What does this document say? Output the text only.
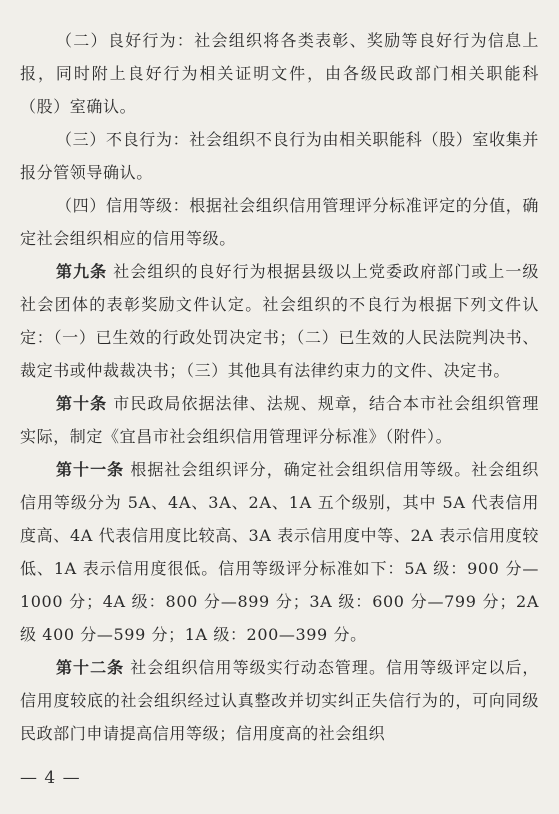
（二）良好行为：社会组织将各类表彰、奖励等良好行为信息上报，同时附上良好行为相关证明文件，由各级民政部门相关职能科（股）室确认。

（三）不良行为：社会组织不良行为由相关职能科（股）室收集并报分管领导确认。

（四）信用等级：根据社会组织信用管理评分标准评定的分值，确定社会组织相应的信用等级。

第九条 社会组织的良好行为根据县级以上党委政府部门或上一级社会团体的表彰奖励文件认定。社会组织的不良行为根据下列文件认定：（一）已生效的行政处罚决定书；（二）已生效的人民法院判决书、裁定书或仲裁裁决书；（三）其他具有法律约束力的文件、决定书。

第十条 市民政局依据法律、法规、规章，结合本市社会组织管理实际，制定《宜昌市社会组织信用管理评分标准》（附件）。

第十一条 根据社会组织评分，确定社会组织信用等级。社会组织信用等级分为 5A、4A、3A、2A、1A 五个级别，其中 5A 代表信用度高、4A 代表信用度比较高、3A 表示信用度中等、2A 表示信用度较低、1A 表示信用度很低。信用等级评分标准如下：5A 级：900 分—1000 分；4A 级：800 分—899 分；3A 级：600 分—799 分；2A 级 400 分—599 分；1A 级：200—399 分。

第十二条 社会组织信用等级实行动态管理。信用等级评定以后，信用度较底的社会组织经过认真整改并切实纠正失信行为的，可向同级民政部门申请提高信用等级；信用度高的社会组织

— 4 —
